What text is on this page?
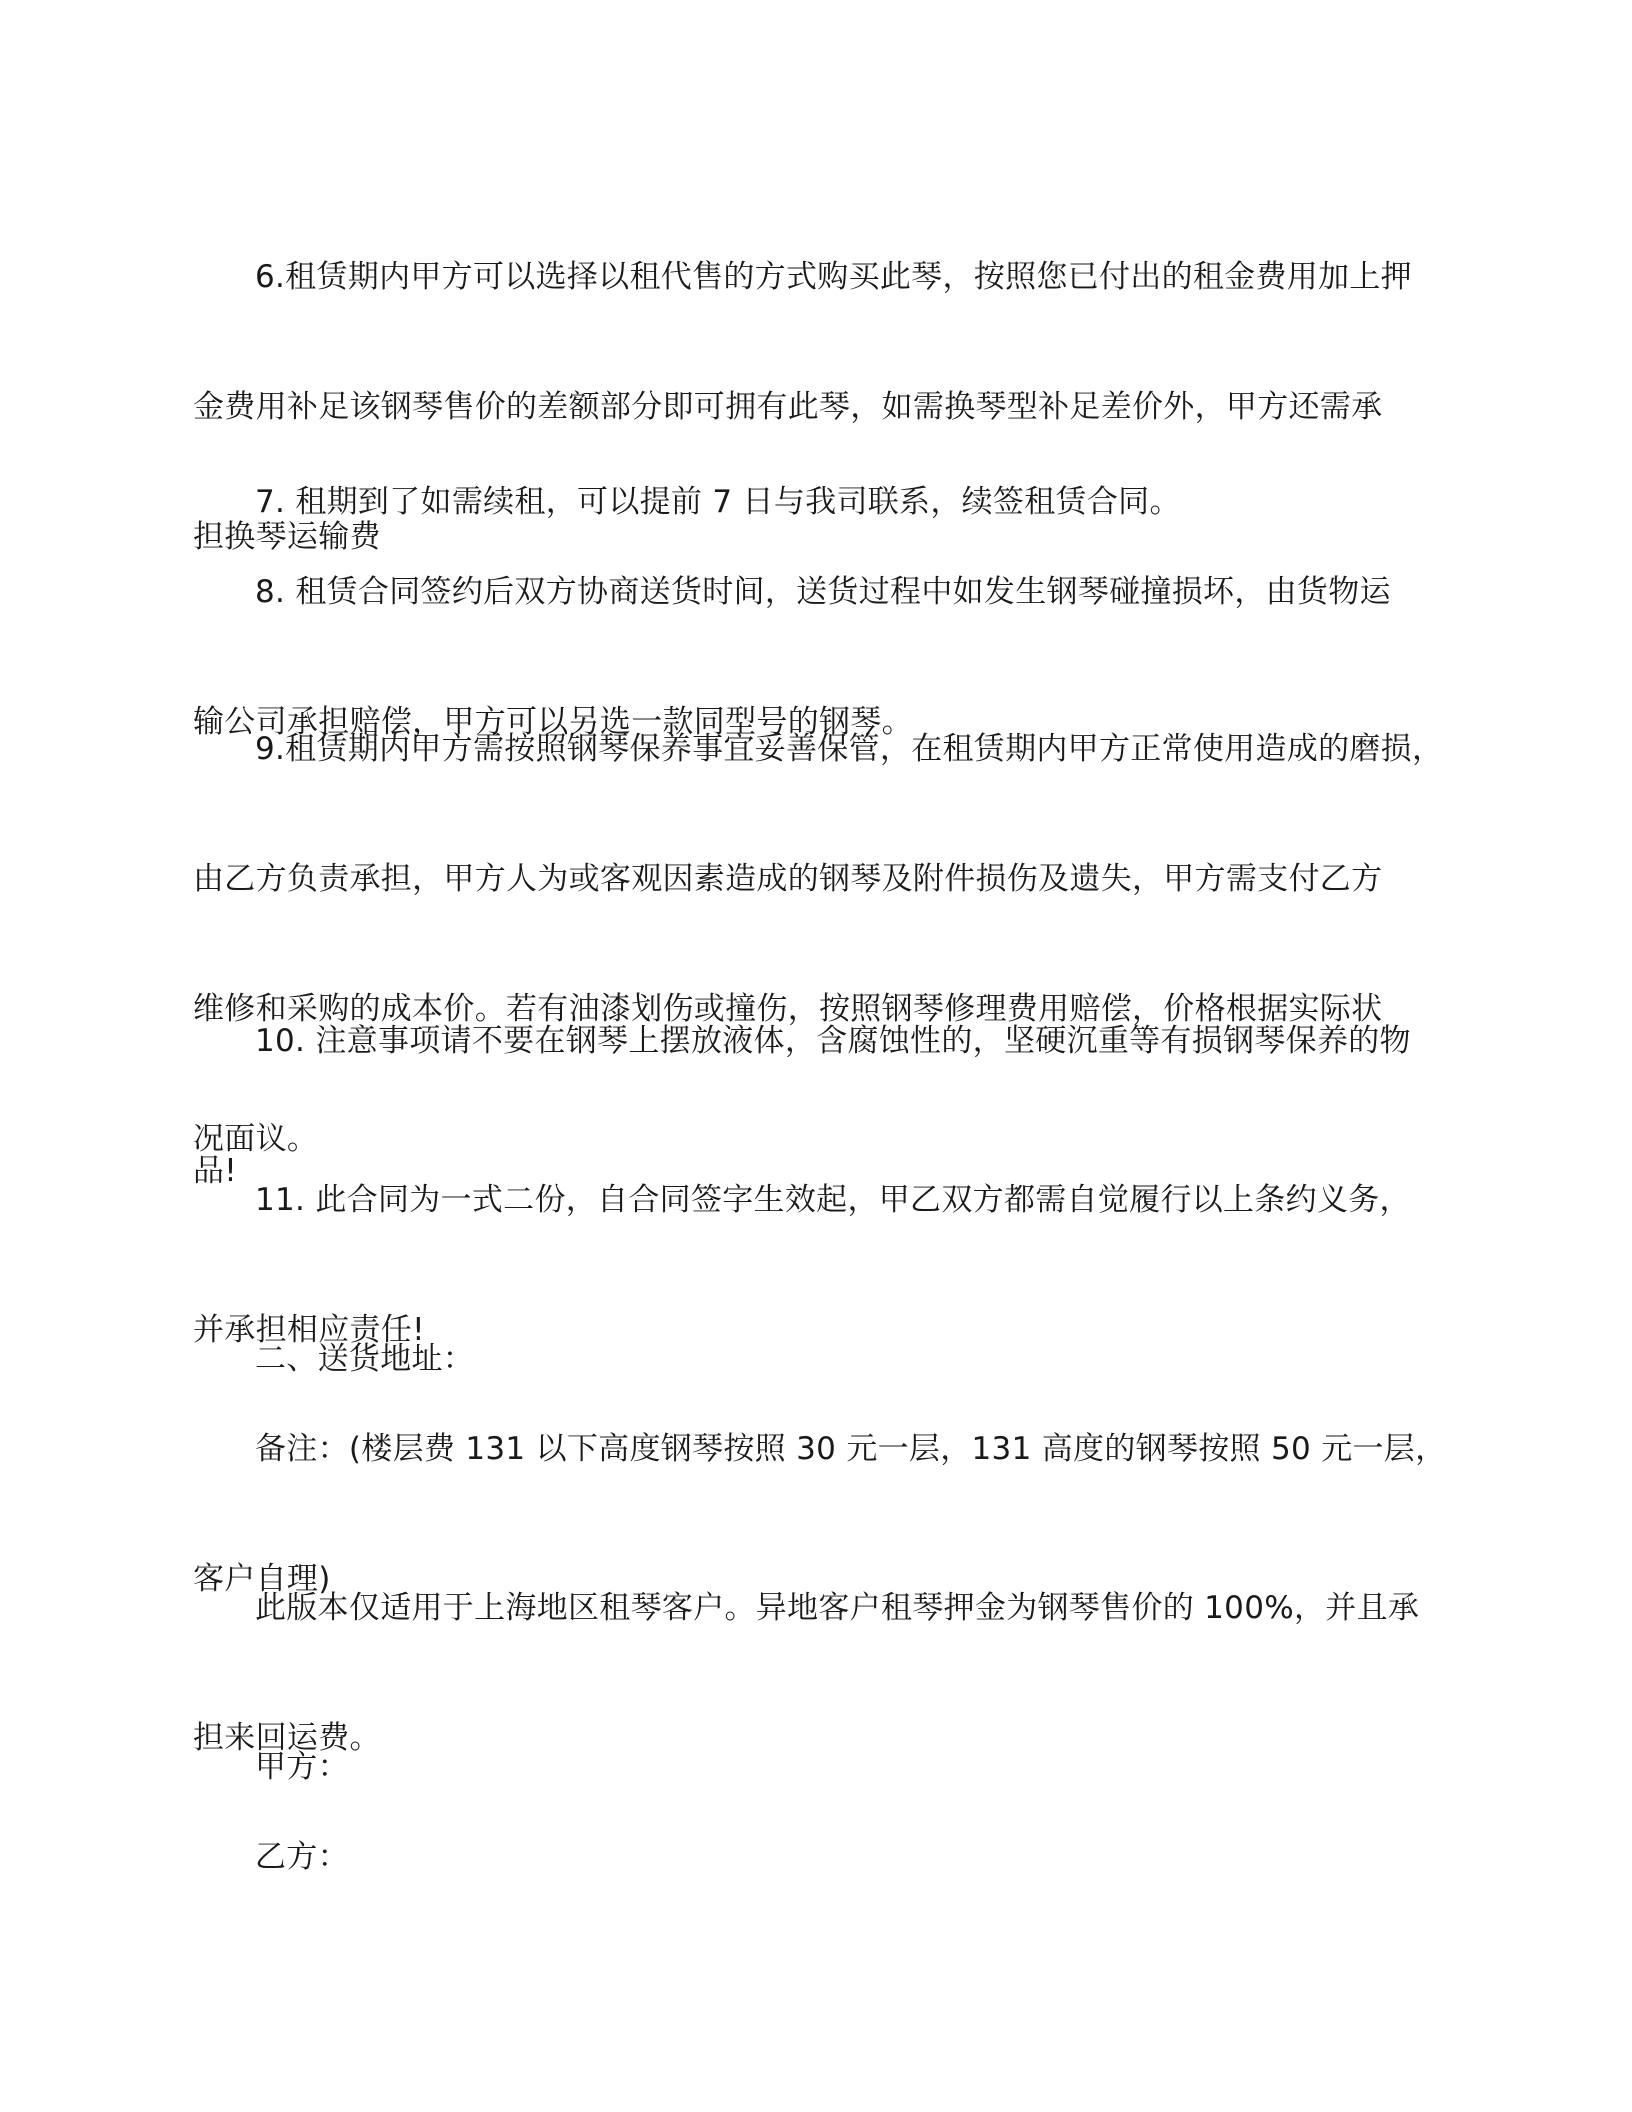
6.租赁期内甲方可以选择以租代售的方式购买此琴，按照您已付出的租金费用加上押

金费用补足该钢琴售价的差额部分即可拥有此琴，如需换琴型补足差价外，甲方还需承

担换琴运输费

7. 租期到了如需续租，可以提前 7 日与我司联系，续签租赁合同。

8. 租赁合同签约后双方协商送货时间，送货过程中如发生钢琴碰撞损坏，由货物运

输公司承担赔偿，甲方可以另选一款同型号的钢琴。

9.租赁期内甲方需按照钢琴保养事宜妥善保管，在租赁期内甲方正常使用造成的磨损，

由乙方负责承担，甲方人为或客观因素造成的钢琴及附件损伤及遗失，甲方需支付乙方

维修和采购的成本价。若有油漆划伤或撞伤，按照钢琴修理费用赔偿，价格根据实际状

况面议。

10. 注意事项请不要在钢琴上摆放液体，含腐蚀性的，坚硬沉重等有损钢琴保养的物

品!

11. 此合同为一式二份，自合同签字生效起，甲乙双方都需自觉履行以上条约义务，

并承担相应责任!

二、送货地址：

备注：(楼层费 131 以下高度钢琴按照 30 元一层，131 高度的钢琴按照 50 元一层，

客户自理)

此版本仅适用于上海地区租琴客户。异地客户租琴押金为钢琴售价的 100%，并且承

担来回运费。

甲方：

乙方：
